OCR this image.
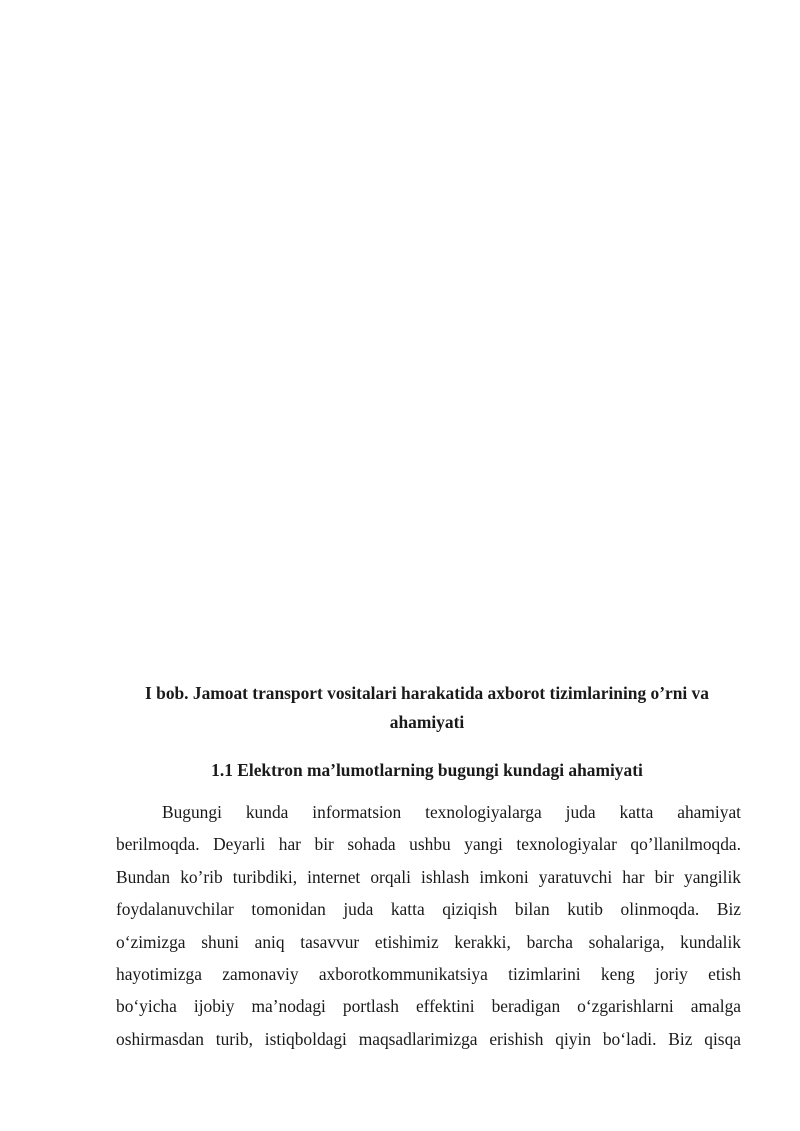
I bob. Jamoat transport vositalari harakatida axborot tizimlarining o’rni va
ahamiyati
1.1 Elektron ma’lumotlarning bugungi kundagi ahamiyati
Bugungi kunda informatsion texnologiyalarga juda katta ahamiyat
berilmoqda. Deyarli har bir sohada ushbu yangi texnologiyalar qo’llanilmoqda.
Bundan ko’rib turibdiki, internet orqali ishlash imkoni yaratuvchi har bir yangilik
foydalanuvchilar tomonidan juda katta qiziqish bilan kutib olinmoqda. Biz
o‘zimizga shuni aniq tasavvur etishimiz kerakki, barcha sohalariga, kundalik
hayotimizga zamonaviy axborotkommunikatsiya tizimlarini keng joriy etish
bo‘yicha ijobiy ma’nodagi portlash effektini beradigan o‘zgarishlarni amalga
oshirmasdan turib, istiqboldagi maqsadlarimizga erishish qiyin bo‘ladi. Biz qisqa
